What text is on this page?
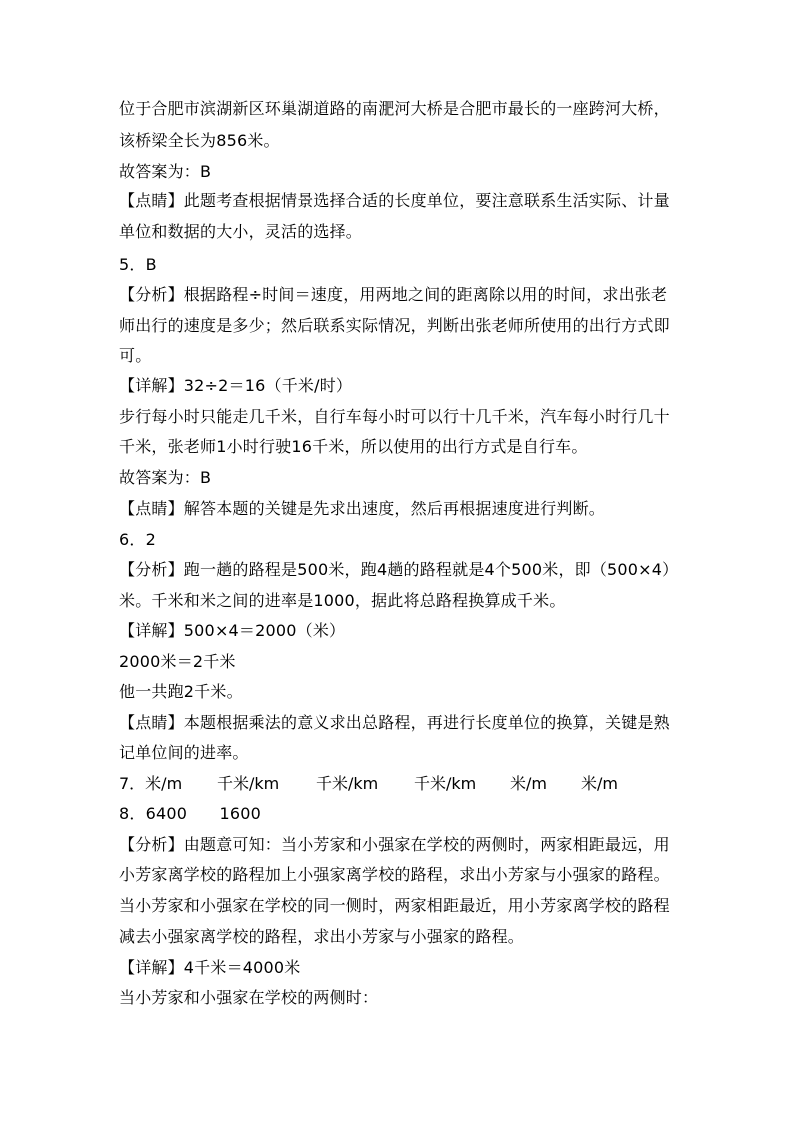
位于合肥市滨湖新区环巢湖道路的南淝河大桥是合肥市最长的一座跨河大桥，
该桥梁全长为856米。
故答案为：B
【点睛】此题考查根据情景选择合适的长度单位，要注意联系生活实际、计量
单位和数据的大小，灵活的选择。
5．B
【分析】根据路程÷时间＝速度，用两地之间的距离除以用的时间，求出张老
师出行的速度是多少；然后联系实际情况，判断出张老师所使用的出行方式即
可。
【详解】32÷2＝16（千米/时）
步行每小时只能走几千米，自行车每小时可以行十几千米，汽车每小时行几十
千米，张老师1小时行驶16千米，所以使用的出行方式是自行车。
故答案为：B
【点睛】解答本题的关键是先求出速度，然后再根据速度进行判断。
6．2
【分析】跑一趟的路程是500米，跑4趟的路程就是4个500米，即（500×4）
米。千米和米之间的进率是1000，据此将总路程换算成千米。
【详解】500×4＝2000（米）
2000米＝2千米
他一共跑2千米。
【点睛】本题根据乘法的意义求出总路程，再进行长度单位的换算，关键是熟
记单位间的进率。
7．米/m 千米/km 千米/km 千米/km 米/m 米/m
8．6400　　1600
【分析】由题意可知：当小芳家和小强家在学校的两侧时，两家相距最远，用
小芳家离学校的路程加上小强家离学校的路程，求出小芳家与小强家的路程。
当小芳家和小强家在学校的同一侧时，两家相距最近，用小芳家离学校的路程
减去小强家离学校的路程，求出小芳家与小强家的路程。
【详解】4千米＝4000米
当小芳家和小强家在学校的两侧时：
